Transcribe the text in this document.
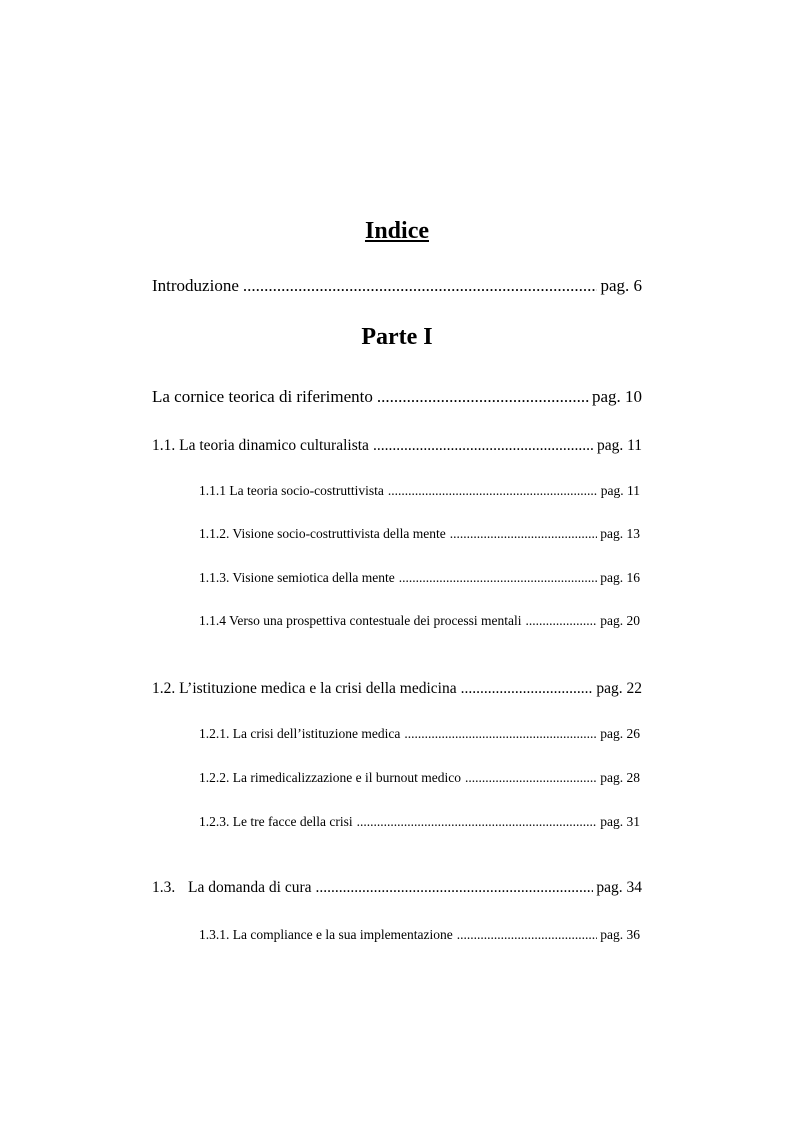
Indice
Introduzione .....	pag. 6
Parte I
La cornice teorica di riferimento .....	pag. 10
1.1. La teoria dinamico culturalista .....	pag. 11
1.1.1 La teoria socio-costruttivista .....	pag. 11
1.1.2. Visione socio-costruttivista della mente .....	pag. 13
1.1.3. Visione semiotica della mente .....	pag. 16
1.1.4 Verso una prospettiva contestuale dei processi mentali .....	pag. 20
1.2. L’istituzione medica e la crisi della medicina .....	pag. 22
1.2.1. La crisi dell’istituzione medica .....	pag. 26
1.2.2. La rimedicalizzazione e il burnout medico .....	pag. 28
1.2.3. Le tre facce della crisi .....	pag. 31
1.3. La domanda di cura .....	pag. 34
1.3.1. La compliance e la sua implementazione .....	pag. 36
